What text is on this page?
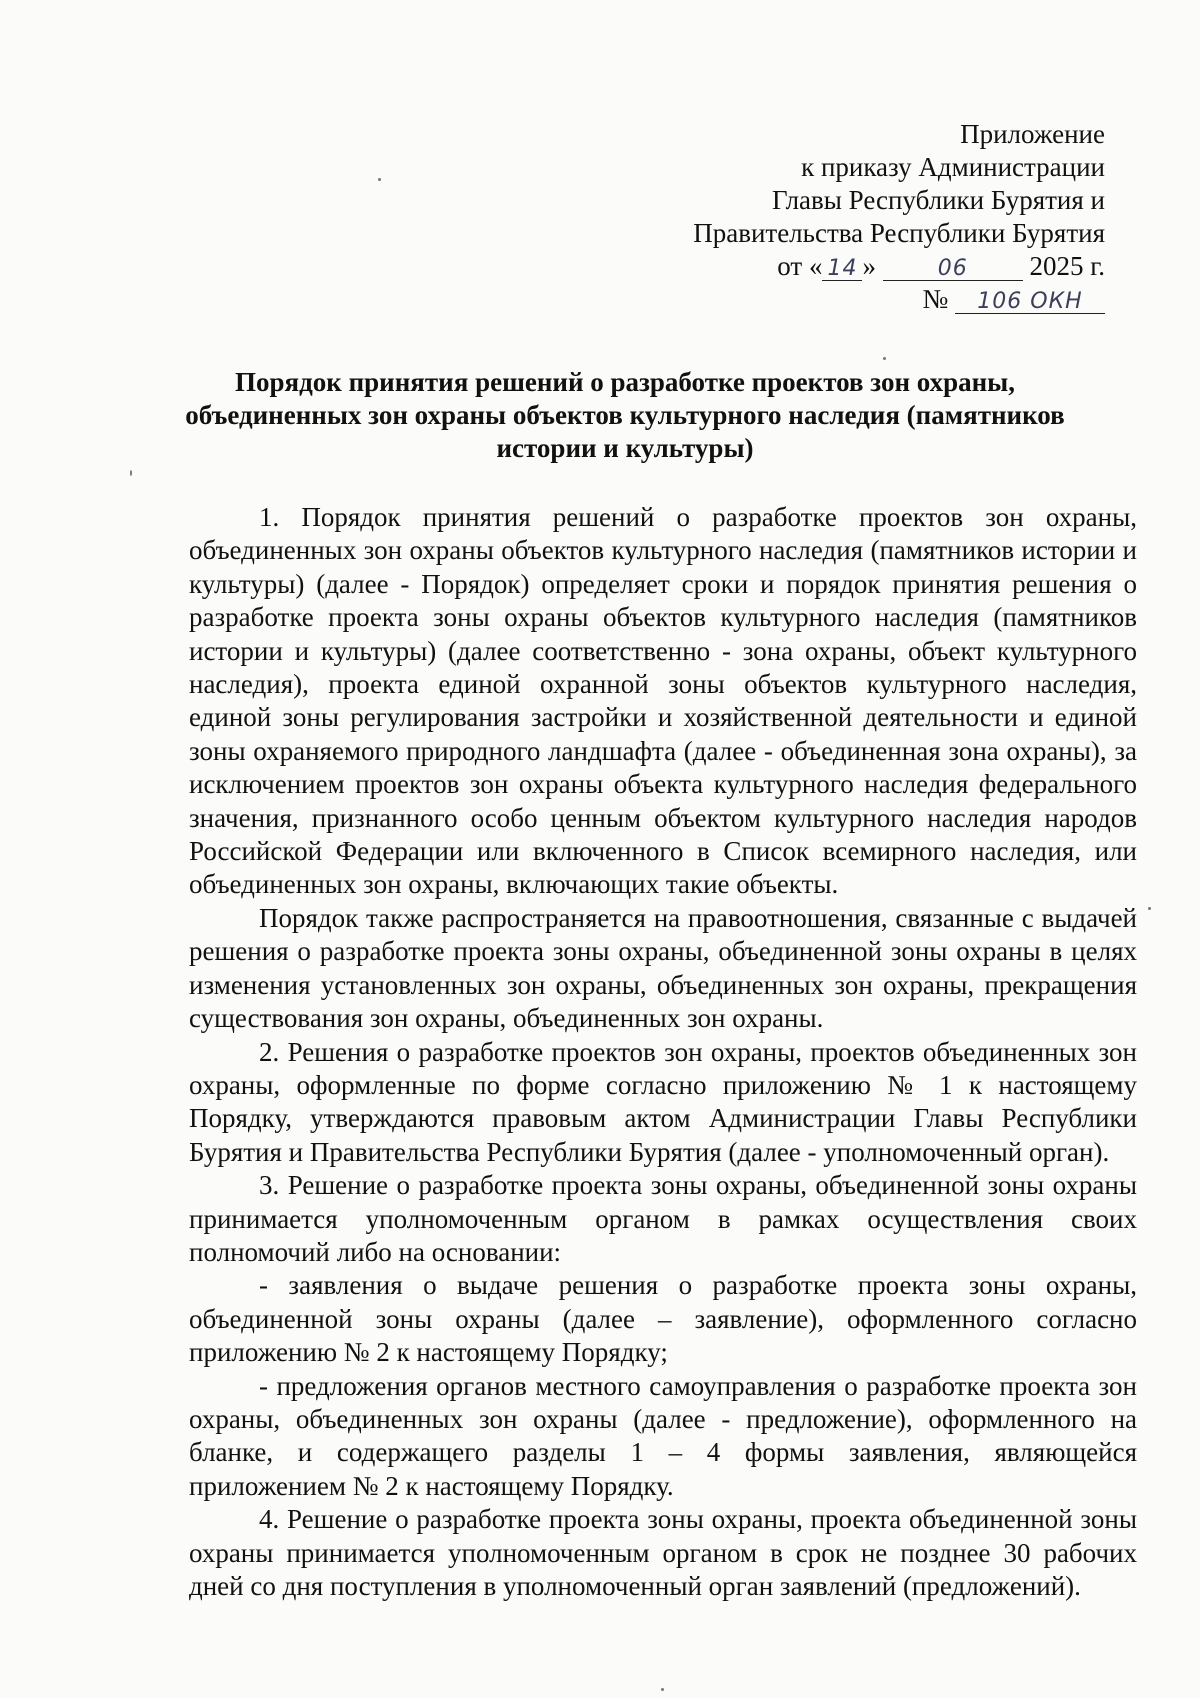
Приложение
к приказу Администрации
Главы Республики Бурятия и
Правительства Республики Бурятия
от « 14 »	06 2025 г.
№ 106 ОКН
Порядок принятия решений о разработке проектов зон охраны,
объединенных зон охраны объектов культурного наследия (памятников
истории и культуры)

1. Порядок принятия решений о разработке проектов зон охраны, объединенных зон охраны объектов культурного наследия (памятников истории и культуры) (далее - Порядок) определяет сроки и порядок принятия решения о разработке проекта зоны охраны объектов культурного наследия (памятников истории и культуры) (далее соответственно - зона охраны, объект культурного наследия), проекта единой охранной зоны объектов культурного наследия, единой зоны регулирования застройки и хозяйственной деятельности и единой зоны охраняемого природного ландшафта (далее - объединенная зона охраны), за исключением проектов зон охраны объекта культурного наследия федерального значения, признанного особо ценным объектом культурного наследия народов Российской Федерации или включенного в Список всемирного наследия, или объединенных зон охраны, включающих такие объекты.

Порядок также распространяется на правоотношения, связанные с выдачей решения о разработке проекта зоны охраны, объединенной зоны охраны в целях изменения установленных зон охраны, объединенных зон охраны, прекращения существования зон охраны, объединенных зон охраны.

2. Решения о разработке проектов зон охраны, проектов объединенных зон охраны, оформленные по форме согласно приложению № 1 к настоящему Порядку, утверждаются правовым актом Администрации Главы Республики Бурятия и Правительства Республики Бурятия (далее - уполномоченный орган).

3. Решение о разработке проекта зоны охраны, объединенной зоны охраны принимается уполномоченным органом в рамках осуществления своих полномочий либо на основании:

- заявления о выдаче решения о разработке проекта зоны охраны, объединенной зоны охраны (далее – заявление), оформленного согласно приложению № 2 к настоящему Порядку;

- предложения органов местного самоуправления о разработке проекта зон охраны, объединенных зон охраны (далее - предложение), оформленного на бланке, и содержащего разделы 1 – 4 формы заявления, являющейся приложением № 2 к настоящему Порядку.

4. Решение о разработке проекта зоны охраны, проекта объединенной зоны охраны принимается уполномоченным органом в срок не позднее 30 рабочих дней со дня поступления в уполномоченный орган заявлений (предложений).
